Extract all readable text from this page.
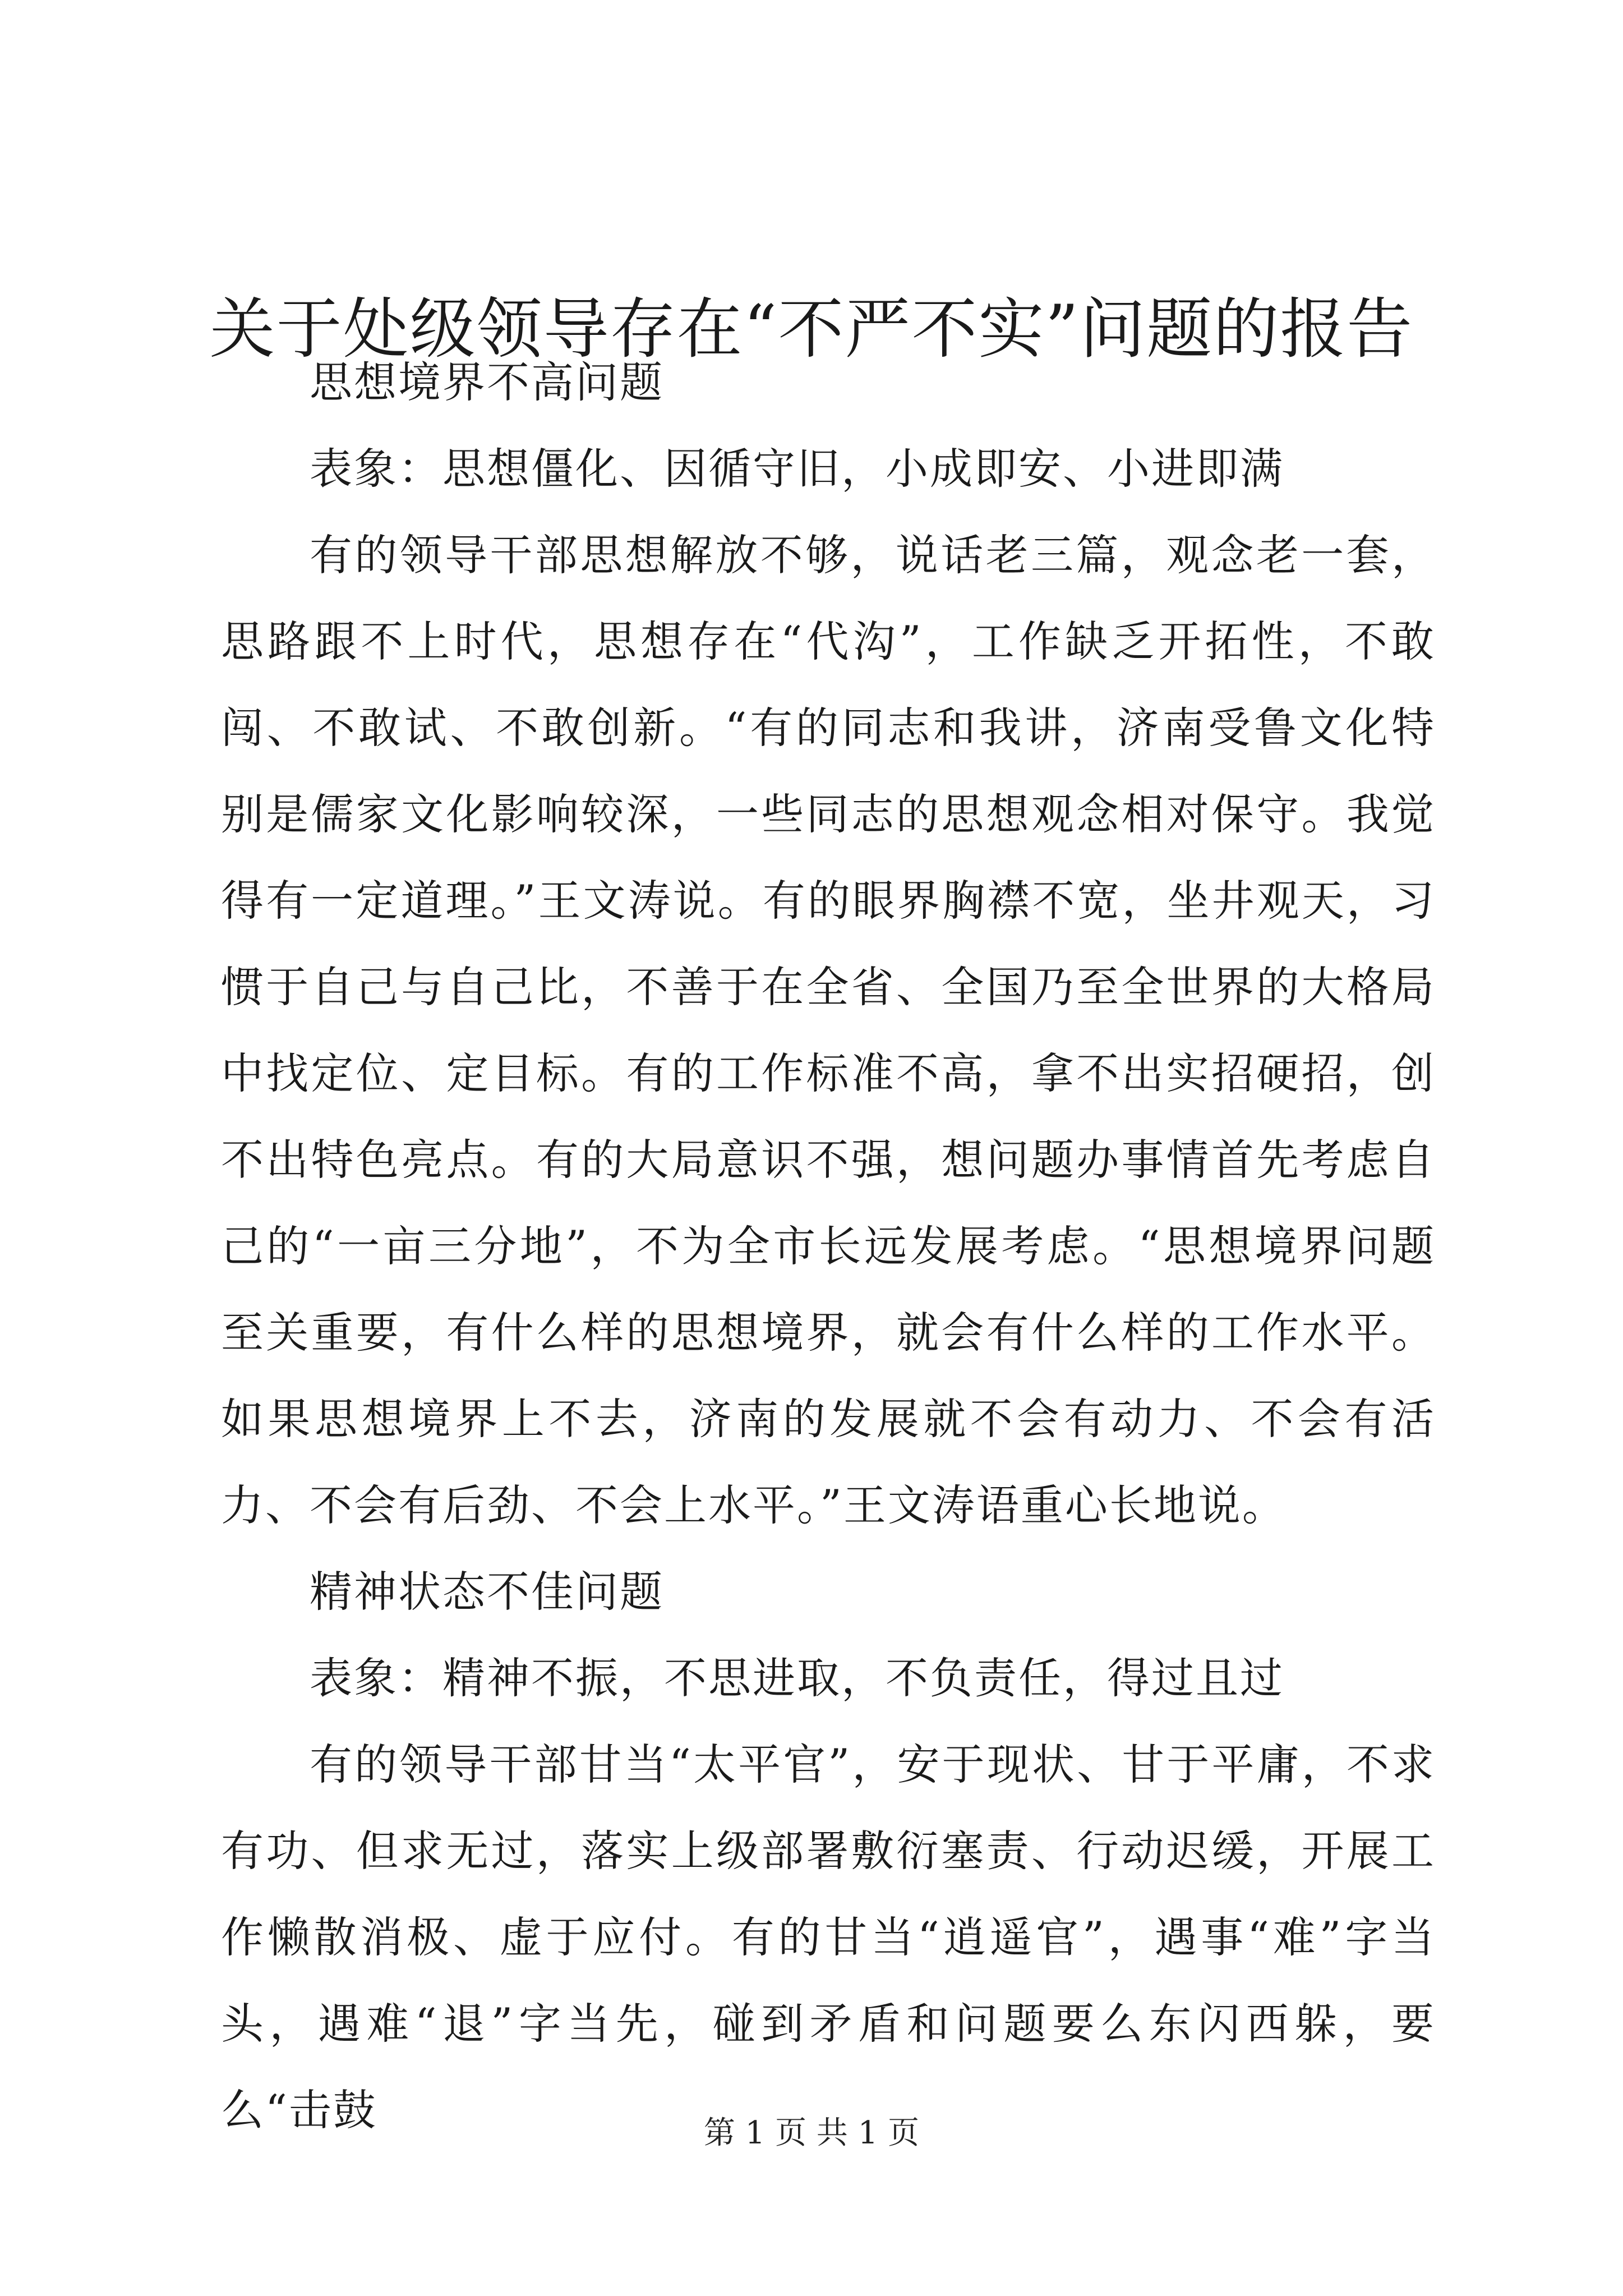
关于处级领导存在“不严不实”问题的报告

思想境界不高问题

表象：思想僵化、因循守旧，小成即安、小进即满

有的领导干部思想解放不够，说话老三篇，观念老一套，思路跟不上时代，思想存在“代沟”，工作缺乏开拓性，不敢闯、不敢试、不敢创新。“有的同志和我讲，济南受鲁文化特别是儒家文化影响较深，一些同志的思想观念相对保守。我觉得有一定道理。”王文涛说。有的眼界胸襟不宽，坐井观天，习惯于自己与自己比，不善于在全省、全国乃至全世界的大格局中找定位、定目标。有的工作标准不高，拿不出实招硬招，创不出特色亮点。有的大局意识不强，想问题办事情首先考虑自己的“一亩三分地”，不为全市长远发展考虑。“思想境界问题至关重要，有什么样的思想境界，就会有什么样的工作水平。如果思想境界上不去，济南的发展就不会有动力、不会有活力、不会有后劲、不会上水平。”王文涛语重心长地说。

精神状态不佳问题

表象：精神不振，不思进取，不负责任，得过且过

有的领导干部甘当“太平官”，安于现状、甘于平庸，不求有功、但求无过，落实上级部署敷衍塞责、行动迟缓，开展工作懒散消极、虚于应付。有的甘当“逍遥官”，遇事“难”字当头，遇难“退”字当先，碰到矛盾和问题要么东闪西躲，要么“击鼓	第 1 页 共 1 页
